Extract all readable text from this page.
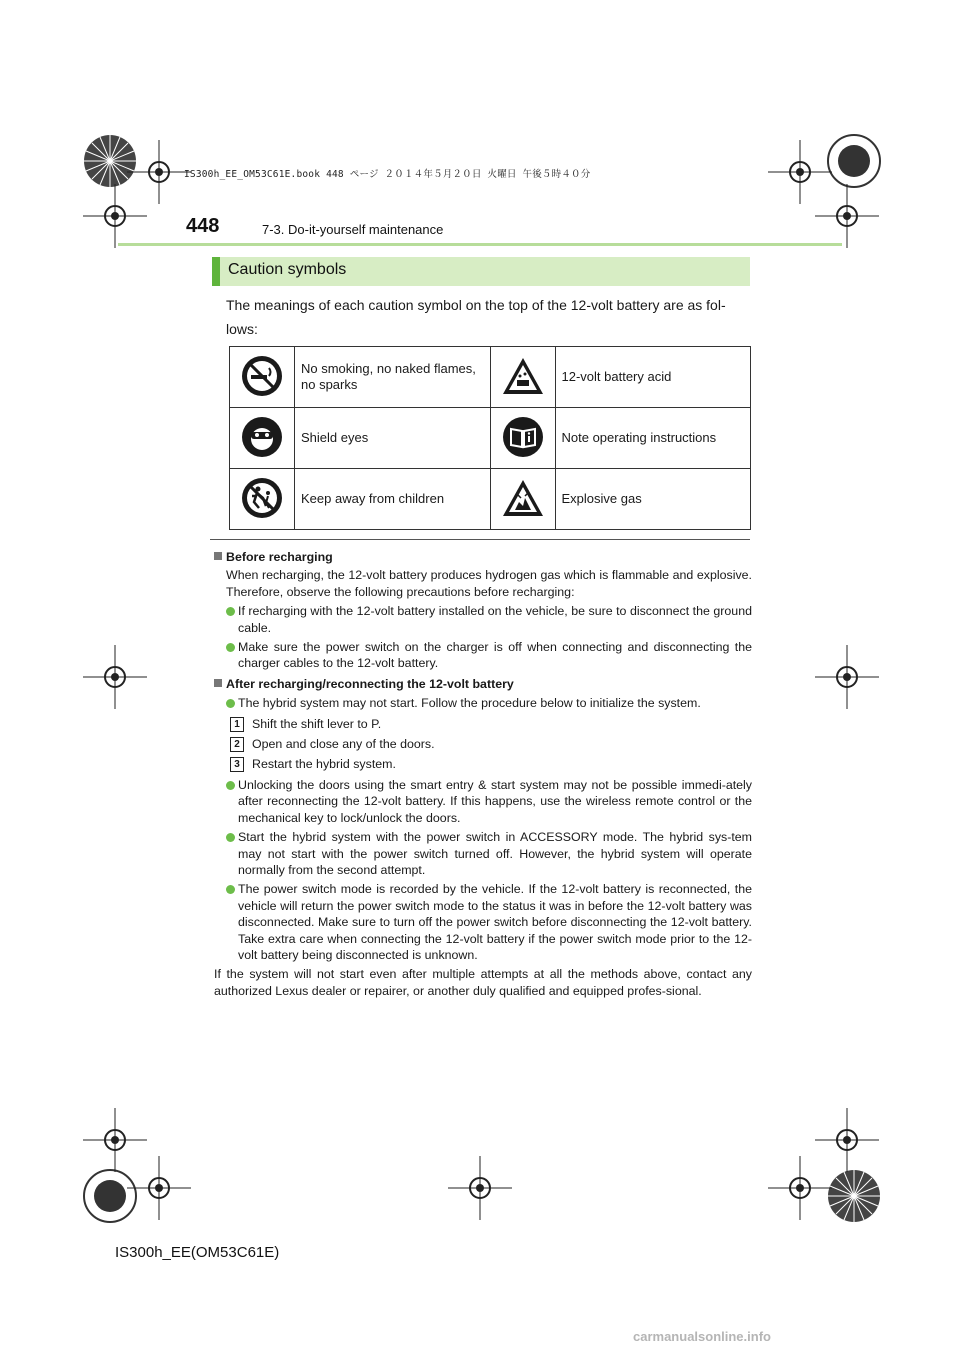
IS300h_EE_OM53C61E.book 448 ページ ２０１４年５月２０日 火曜日 午後５時４０分
448	7-3. Do-it-yourself maintenance
Caution symbols
The meanings of each caution symbol on the top of the 12-volt battery are as fol-lows:
	No smoking, no naked flames, no sparks		12-volt battery acid
	Shield eyes		Note operating instructions
	Keep away from children		Explosive gas
Before recharging
When recharging, the 12-volt battery produces hydrogen gas which is flammable and explosive. Therefore, observe the following precautions before recharging:
If recharging with the 12-volt battery installed on the vehicle, be sure to disconnect the ground cable.
Make sure the power switch on the charger is off when connecting and disconnecting the charger cables to the 12-volt battery.
After recharging/reconnecting the 12-volt battery
The hybrid system may not start. Follow the procedure below to initialize the system.
1 Shift the shift lever to P.
2 Open and close any of the doors.
3 Restart the hybrid system.
Unlocking the doors using the smart entry & start system may not be possible immedi-ately after reconnecting the 12-volt battery. If this happens, use the wireless remote control or the mechanical key to lock/unlock the doors.
Start the hybrid system with the power switch in ACCESSORY mode. The hybrid sys-tem may not start with the power switch turned off. However, the hybrid system will operate normally from the second attempt.
The power switch mode is recorded by the vehicle. If the 12-volt battery is reconnected, the vehicle will return the power switch mode to the status it was in before the 12-volt battery was disconnected. Make sure to turn off the power switch before disconnecting the 12-volt battery. Take extra care when connecting the 12-volt battery if the power switch mode prior to the 12-volt battery being disconnected is unknown.
If the system will not start even after multiple attempts at all the methods above, contact any authorized Lexus dealer or repairer, or another duly qualified and equipped profes-sional.
IS300h_EE(OM53C61E)
carmanualsonline.info
